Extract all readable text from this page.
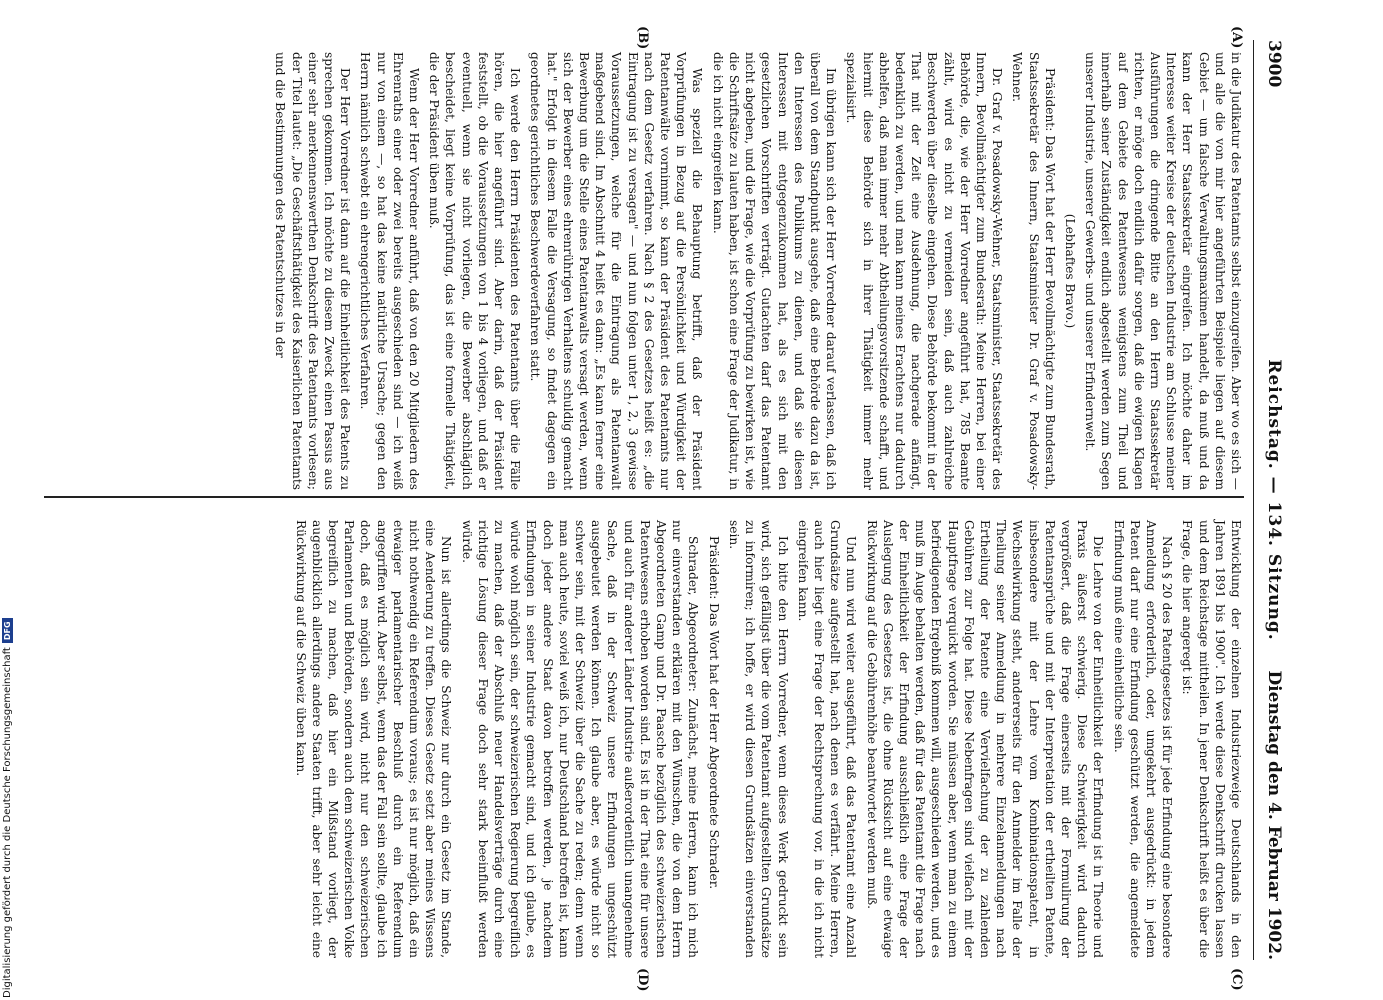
3900
Reichstag. — 134. Sitzung.
Dienstag den 4. Februar 1902.
(A)
(B)
(C)
(D)

in die Judikatur des Patentamts selbst einzugreifen. Aber wo es sich — und alle die von mir hier angeführten Beispiele liegen auf diesem Gebiet — um falsche Verwaltungsmaximen handelt, da muß und da kann der Herr Staatssekretär eingreifen. Ich möchte daher im Interesse weiter Kreise der deutschen Industrie am Schlusse meiner Ausführungen die dringende Bitte an den Herrn Staatssekretär richten, er möge doch endlich dafür sorgen, daß die ewigen Klagen auf dem Gebiete des Patentwesens wenigstens zum Theil und innerhalb seiner Zuständigkeit endlich abgestellt werden zum Segen unserer Industrie, unserer Gewerbs- und unserer Erfindernwelt.

(Lebhaftes Bravo.)

Präsident: Das Wort hat der Herr Bevollmächtigte zum Bundesrath, Staatssekretär des Innern, Staatsminister Dr. Graf v. Posadowsky-Wehner.

Dr. Graf v. Posadowsky-Wehner, Staatsminister, Staatssekretär des Innern, Bevollmächtigter zum Bundesrath: Meine Herren, bei einer Behörde, die, wie der Herr Vorredner angeführt hat, 785 Beamte zählt, wird es nicht zu vermeiden sein, daß auch zahlreiche Beschwerden über dieselbe eingehen. Diese Behörde bekommt in der That mit der Zeit eine Ausdehnung, die nachgerade anfängt, bedenklich zu werden, und man kann meines Erachtens nur dadurch abhelfen, daß man immer mehr Abtheilungsvorsitzende schafft, und hiermit diese Behörde sich in ihrer Thätigkeit immer mehr spezialisirt.

Im übrigen kann sich der Herr Vorredner darauf verlassen, daß ich überall von dem Standpunkt ausgehe, daß eine Behörde dazu da ist, den Interessen des Publikums zu dienen, und daß sie diesen Interessen mit entgegenzukommen hat, als es sich mit den gesetzlichen Vorschriften verträgt. Gutachten darf das Patentamt nicht abgeben, und die Frage, wie die Vorprüfung zu bewirken ist, wie die Schriftsätze zu lauten haben, ist schon eine Frage der Judikatur, in die ich nicht eingreifen kann.

Was speziell die Behauptung betrifft, daß der Präsident Vorprüfungen in Bezug auf die Persönlichkeit und Würdigkeit der Patentanwälte vornimmt, so kann der Präsident des Patentamts nur nach dem Gesetz verfahren. Nach § 2 des Gesetzes heißt es: „die Eintragung ist zu versagen" — und nun folgen unter 1, 2, 3 gewisse Voraussetzungen, welche für die Eintragung als Patentanwalt maßgebend sind. Im Abschnitt 4 heißt es dann: „Es kann ferner eine Bewerbung um die Stelle eines Patentanwalts versagt werden, wenn sich der Bewerber eines ehrenrührigen Verhaltens schuldig gemacht hat." Erfolgt in diesem Falle die Versagung, so findet dagegen ein geordnetes gerichtliches Beschwerdeverfahren statt.

Ich werde den Herrn Präsidenten des Patentamts über die Fälle hören, die hier angeführt sind. Aber darin, daß der Präsident feststellt, ob die Voraussetzungen von 1 bis 4 vorliegen, und daß er eventuell, wenn sie nicht vorliegen, die Bewerber abschläglich bescheidet, liegt keine Vorprüfung, das ist eine formelle Thätigkeit, die der Präsident üben muß.

Wenn der Herr Vorredner anführt, daß von den 20 Mitgliedern des Ehrenraths einer oder zwei bereits ausgeschieden sind — ich weiß nur von einem —, so hat das keine natürliche Ursache; gegen den Herrn nämlich schwebt ein ehrengerichtliches Verfahren.

Der Herr Vorredner ist dann auf die Einheitlichkeit des Patents zu sprechen gekommen. Ich möchte zu diesem Zweck einen Passus aus einer sehr anerkennenswerthen Denkschrift des Patentamts vorlesen; der Titel lautet: „Die Geschäftsthätigkeit des Kaiserlichen Patentamts und die Bestimmungen des Patentschutzes in der

Entwicklung der einzelnen Industriezweige Deutschlands in den Jahren 1891 bis 1900". Ich werde diese Denkschrift drucken lassen und dem Reichstage mittheilen. In jener Denkschrift heißt es über die Frage, die hier angeregt ist:

Nach § 20 des Patentgesetzes ist für jede Erfindung eine besondere Anmeldung erforderlich, oder, umgekehrt ausgedrückt: in jedem Patent darf nur eine Erfindung geschützt werden, die angemeldete Erfindung muß eine einheitliche sein.

Die Lehre von der Einheitlichkeit der Erfindung ist in Theorie und Praxis äußerst schwierig. Diese Schwierigkeit wird dadurch vergrößert, daß die Frage einerseits mit der Formulirung der Patentansprüche und mit der Interpretation der ertheilten Patente, insbesondere mit der Lehre vom Kombinationspatent, in Wechselwirkung steht, andererseits für den Anmelder im Falle der Theilung seiner Anmeldung in mehrere Einzelanmeldungen nach Ertheilung der Patente eine Vervielfachung der zu zahlenden Gebühren zur Folge hat. Diese Nebenfragen sind vielfach mit der Hauptfrage verquickt worden. Sie müssen aber, wenn man zu einem befriedigenden Ergebniß kommen will, ausgeschieden werden, und es muß im Auge behalten werden, daß für das Patentamt die Frage nach der Einheitlichkeit der Erfindung ausschließlich eine Frage der Auslegung des Gesetzes ist, die ohne Rücksicht auf eine etwaige Rückwirkung auf die Gebührenhöhe beantwortet werden muß.

Und nun wird weiter ausgeführt, daß das Patentamt eine Anzahl Grundsätze aufgestellt hat, nach denen es verfährt. Meine Herren, auch hier liegt eine Frage der Rechtsprechung vor, in die ich nicht eingreifen kann.

Ich bitte den Herrn Vorredner, wenn dieses Werk gedruckt sein wird, sich gefälligst über die vom Patentamt aufgestellten Grundsätze zu informiren; ich hoffe, er wird diesen Grundsätzen einverstanden sein.

Präsident: Das Wort hat der Herr Abgeordnete Schrader.

Schrader, Abgeordneter: Zunächst, meine Herren, kann ich mich nur einverstanden erklären mit den Wünschen, die von dem Herrn Abgeordneten Gamp und Dr. Paasche bezüglich des schweizerischen Patentwesens erhoben worden sind. Es ist in der That eine für unsere und auch für anderer Länder Industrie außerordentlich unangenehme Sache, daß in der Schweiz unsere Erfindungen ungeschützt ausgebeutet werden können. Ich glaube aber, es würde nicht so schwer sein, mit der Schweiz über die Sache zu reden; denn wenn man auch heute, soviel weiß ich, nur Deutschland betroffen ist, kann doch jeder andere Staat davon betroffen werden, je nachdem Erfindungen in seiner Industrie gemacht sind, und ich glaube, es würde wohl möglich sein, der schweizerischen Regierung begreiflich zu machen, daß der Abschluß neuer Handelsverträge durch eine richtige Lösung dieser Frage doch sehr stark beeinflußt werden würde.

Nun ist allerdings die Schweiz nur durch ein Gesetz im Stande, eine Aenderung zu treffen. Dieses Gesetz setzt aber meines Wissens nicht nothwendig ein Referendum voraus; es ist nur möglich, daß ein etwaiger parlamentarischer Beschluß durch ein Referendum angegriffen wird. Aber selbst, wenn das der Fall sein sollte, glaube ich doch, daß es möglich sein wird, nicht nur den schweizerischen Parlamenten und Behörden, sondern auch dem schweizerischen Volke begreiflich zu machen, daß hier ein Mißstand vorliegt, der augenblicklich allerdings andere Staaten trifft, aber sehr leicht eine Rückwirkung auf die Schweiz üben kann.

Digitalisierung gefördert durch die Deutsche Forschungsgemeinschaft
DFG
